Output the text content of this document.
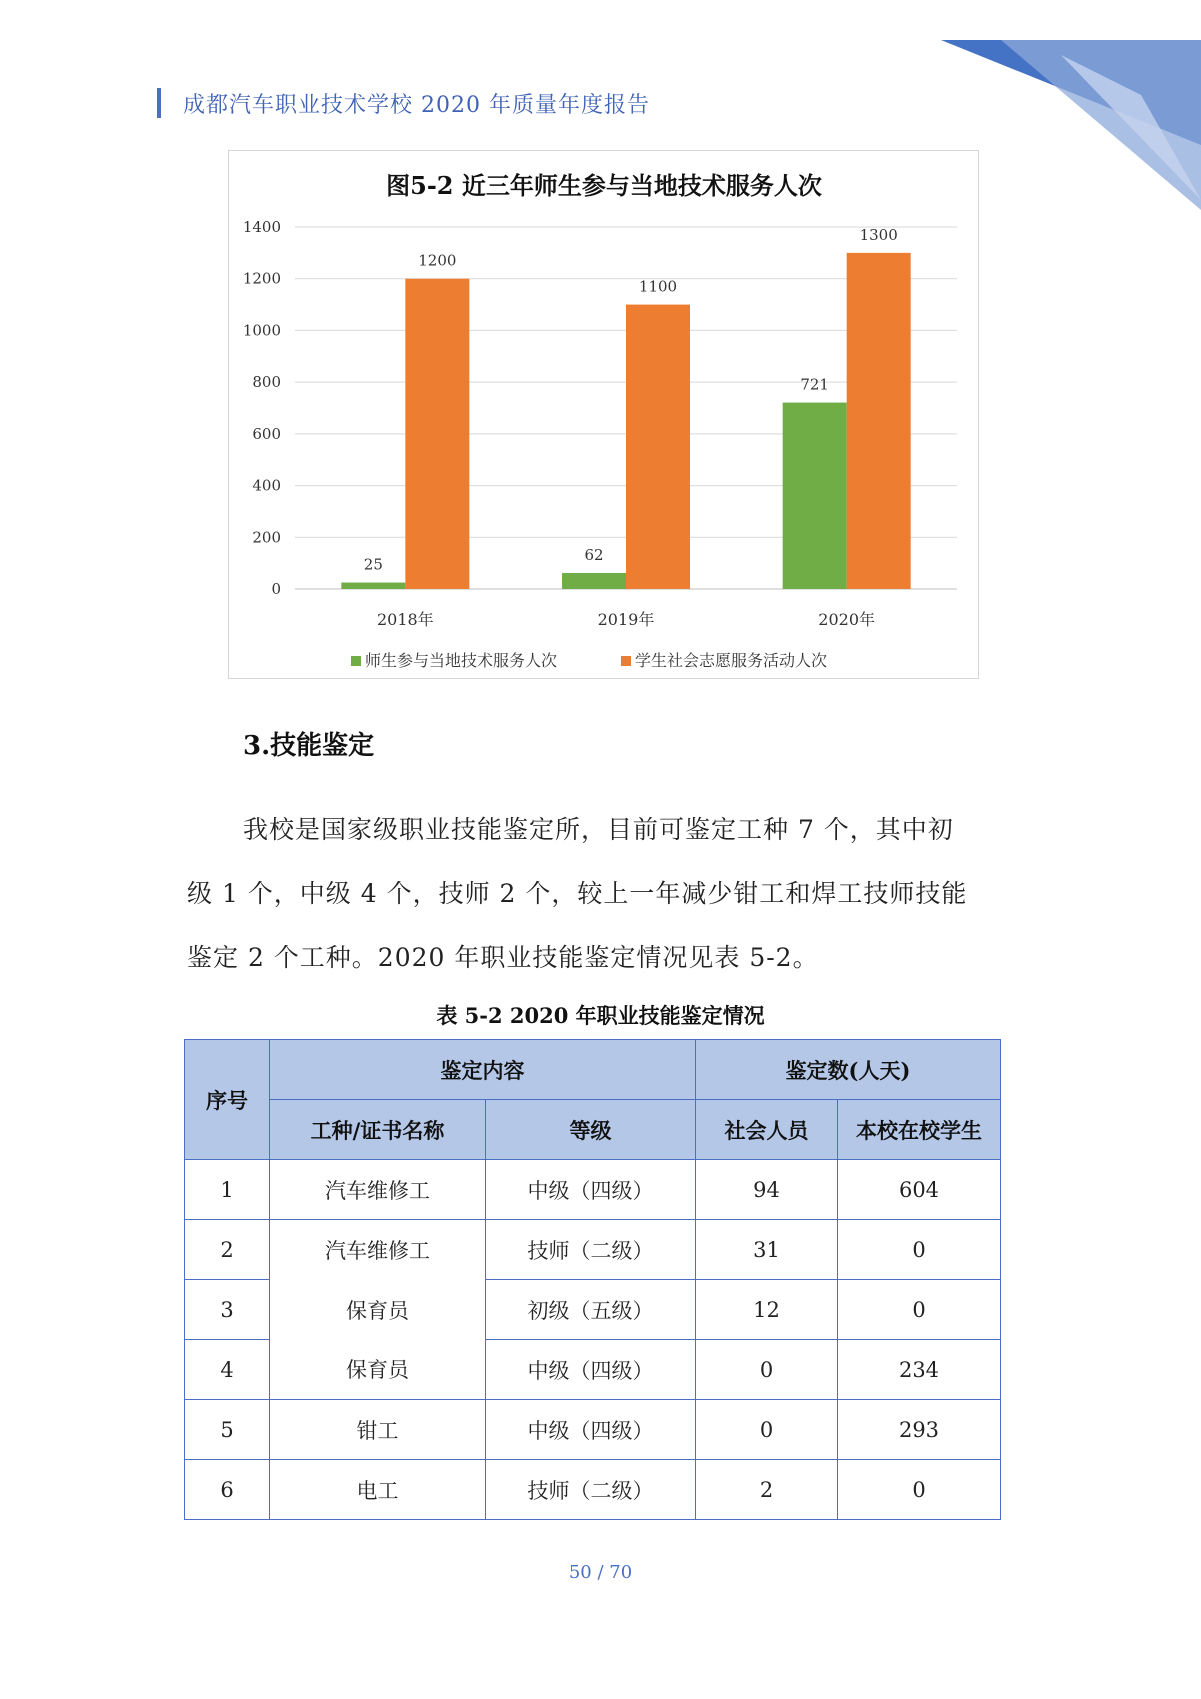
成都汽车职业技术学校 2020 年质量年度报告
图5-2 近三年师生参与当地技术服务人次
0
200
400
600
800
1000
1200
1400
25
1200
2018年
62
1100
2019年
721
1300
2020年
师生参与当地技术服务人次	学生社会志愿服务活动人次
3.技能鉴定
我校是国家级职业技能鉴定所，目前可鉴定工种 7 个，其中初
级 1 个，中级 4 个，技师 2 个，较上一年减少钳工和焊工技师技能
鉴定 2 个工种。2020 年职业技能鉴定情况见表 5-2。
表 5-2 2020 年职业技能鉴定情况
序号	鉴定内容		鉴定数(人天)	
	工种/证书名称	等级	社会人员	本校在校学生
1	汽车维修工	中级（四级）	94	604
2	汽车维修工	技师（二级）	31	0
3	保育员	初级（五级）	12	0
4	保育员	中级（四级）	0	234
5	钳工	中级（四级）	0	293
6	电工	技师（二级）	2	0
50 / 70
